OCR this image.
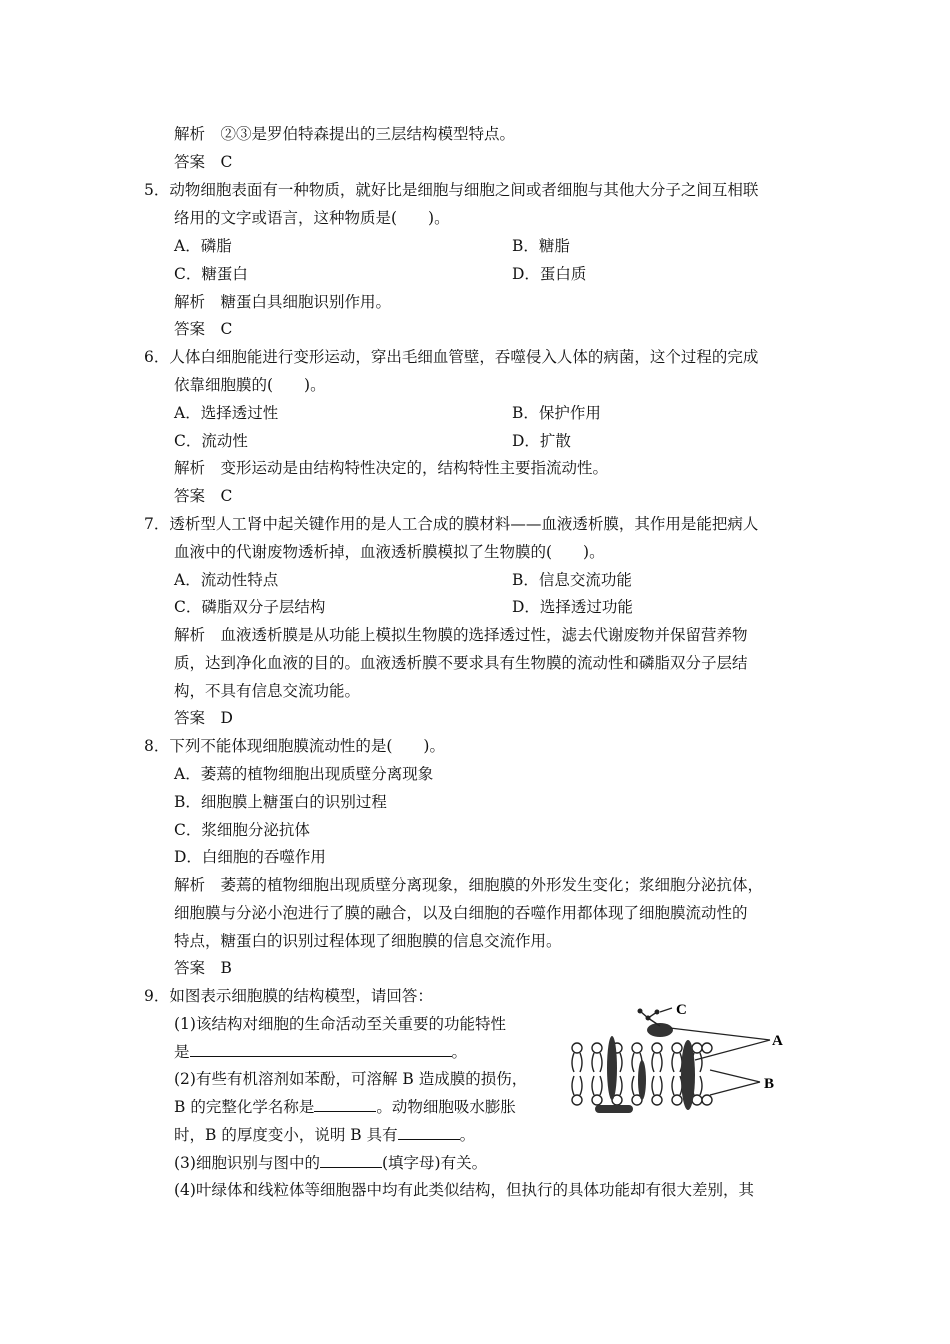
解析　②③是罗伯特森提出的三层结构模型特点。
答案　C
5．动物细胞表面有一种物质，就好比是细胞与细胞之间或者细胞与其他大分子之间互相联
络用的文字或语言，这种物质是(　　)。
A．磷脂	B．糖脂
C．糖蛋白	D．蛋白质
解析　糖蛋白具细胞识别作用。
答案　C
6．人体白细胞能进行变形运动，穿出毛细血管壁，吞噬侵入人体的病菌，这个过程的完成
依靠细胞膜的(　　)。
A．选择透过性	B．保护作用
C．流动性	D．扩散
解析　变形运动是由结构特性决定的，结构特性主要指流动性。
答案　C
7．透析型人工肾中起关键作用的是人工合成的膜材料——血液透析膜，其作用是能把病人
血液中的代谢废物透析掉，血液透析膜模拟了生物膜的(　　)。
A．流动性特点	B．信息交流功能
C．磷脂双分子层结构	D．选择透过功能
解析　血液透析膜是从功能上模拟生物膜的选择透过性，滤去代谢废物并保留营养物
质，达到净化血液的目的。血液透析膜不要求具有生物膜的流动性和磷脂双分子层结
构，不具有信息交流功能。
答案　D
8．下列不能体现细胞膜流动性的是(　　)。
A．萎蔫的植物细胞出现质壁分离现象
B．细胞膜上糖蛋白的识别过程
C．浆细胞分泌抗体
D．白细胞的吞噬作用
解析　萎蔫的植物细胞出现质壁分离现象，细胞膜的外形发生变化；浆细胞分泌抗体，
细胞膜与分泌小泡进行了膜的融合，以及白细胞的吞噬作用都体现了细胞膜流动性的
特点，糖蛋白的识别过程体现了细胞膜的信息交流作用。
答案　B
9．如图表示细胞膜的结构模型，请回答：
(1)该结构对细胞的生命活动至关重要的功能特性
是	。
(2)有些有机溶剂如苯酚，可溶解 B 造成膜的损伤，
B 的完整化学名称是	。动物细胞吸水膨胀
时，B 的厚度变小，说明 B 具有	。
(3)细胞识别与图中的	(填字母)有关。
(4)叶绿体和线粒体等细胞器中均有此类似结构，但执行的具体功能却有很大差别，其
C
A
B
